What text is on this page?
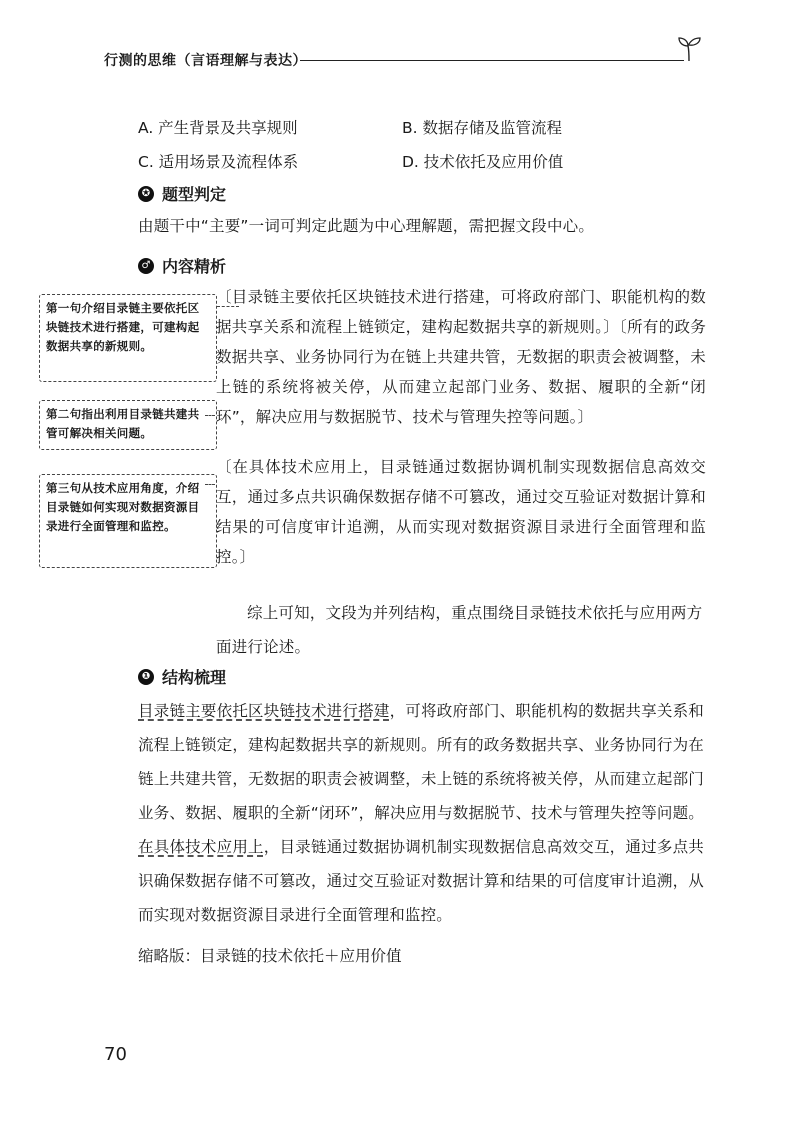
行测的思维（言语理解与表达）
A. 产生背景及共享规则	B. 数据存储及监管流程
C. 适用场景及流程体系	D. 技术依托及应用价值
✪ 题型判定
由题干中“主要”一词可判定此题为中心理解题，需把握文段中心。
♂ 内容精析
〔目录链主要依托区块链技术进行搭建，可将政府部门、职能机构的数据共享关系和流程上链锁定，建构起数据共享的新规则。〕〔所有的政务数据共享、业务协同行为在链上共建共管，无数据的职责会被调整，未上链的系统将被关停，从而建立起部门业务、数据、履职的全新“闭环”，解决应用与数据脱节、技术与管理失控等问题。〕
〔在具体技术应用上，目录链通过数据协调机制实现数据信息高效交互，通过多点共识确保数据存储不可篡改，通过交互验证对数据计算和结果的可信度审计追溯，从而实现对数据资源目录进行全面管理和监控。〕
综上可知，文段为并列结构，重点围绕目录链技术依托与应用两方面进行论述。
第一句介绍目录链主要依托区块链技术进行搭建，可建构起数据共享的新规则。
第二句指出利用目录链共建共管可解决相关问题。
第三句从技术应用角度，介绍目录链如何实现对数据资源目录进行全面管理和监控。
❶ 结构梳理
目录链主要依托区块链技术进行搭建，可将政府部门、职能机构的数据共享关系和流程上链锁定，建构起数据共享的新规则。所有的政务数据共享、业务协同行为在链上共建共管，无数据的职责会被调整，未上链的系统将被关停，从而建立起部门业务、数据、履职的全新“闭环”，解决应用与数据脱节、技术与管理失控等问题。在具体技术应用上，目录链通过数据协调机制实现数据信息高效交互，通过多点共识确保数据存储不可篡改，通过交互验证对数据计算和结果的可信度审计追溯，从而实现对数据资源目录进行全面管理和监控。
缩略版：目录链的技术依托＋应用价值
70
